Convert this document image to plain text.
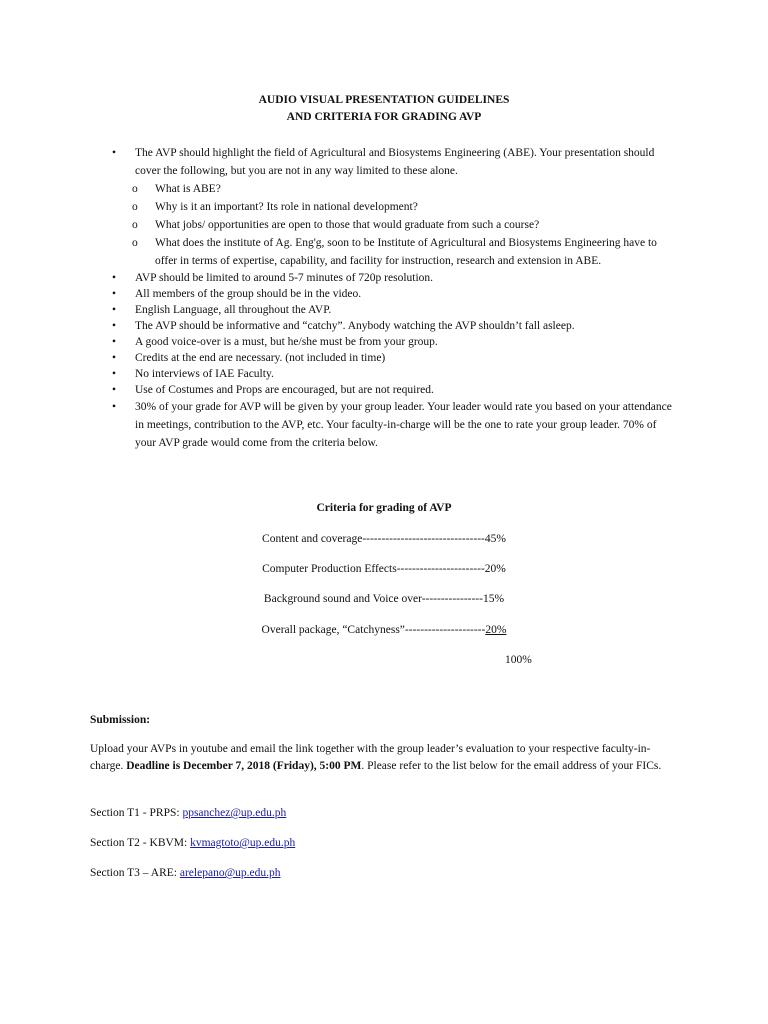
AUDIO VISUAL PRESENTATION GUIDELINES
AND CRITERIA FOR GRADING AVP
• The AVP should highlight the field of Agricultural and Biosystems Engineering (ABE). Your presentation should cover the following, but you are not in any way limited to these alone.
o What is ABE?
o Why is it an important? Its role in national development?
o What jobs/ opportunities are open to those that would graduate from such a course?
o What does the institute of Ag. Eng'g, soon to be Institute of Agricultural and Biosystems Engineering have to offer in terms of expertise, capability, and facility for instruction, research and extension in ABE.
• AVP should be limited to around 5-7 minutes of 720p resolution.
• All members of the group should be in the video.
• English Language, all throughout the AVP.
• The AVP should be informative and “catchy”. Anybody watching the AVP shouldn’t fall asleep.
• A good voice-over is a must, but he/she must be from your group.
• Credits at the end are necessary. (not included in time)
• No interviews of IAE Faculty.
• Use of Costumes and Props are encouraged, but are not required.
• 30% of your grade for AVP will be given by your group leader. Your leader would rate you based on your attendance in meetings, contribution to the AVP, etc. Your faculty-in-charge will be the one to rate your group leader. 70% of your AVP grade would come from the criteria below.
Criteria for grading of AVP
Content and coverage--------------------------------45%
Computer Production Effects-----------------------20%
Background sound and Voice over----------------15%
Overall package, “Catchyness”---------------------20%
100%
Submission:
Upload your AVPs in youtube and email the link together with the group leader’s evaluation to your respective faculty-in-charge. Deadline is December 7, 2018 (Friday), 5:00 PM. Please refer to the list below for the email address of your FICs.
Section T1 - PRPS: ppsanchez@up.edu.ph
Section T2 - KBVM: kvmagtoto@up.edu.ph
Section T3 – ARE: arelepano@up.edu.ph
